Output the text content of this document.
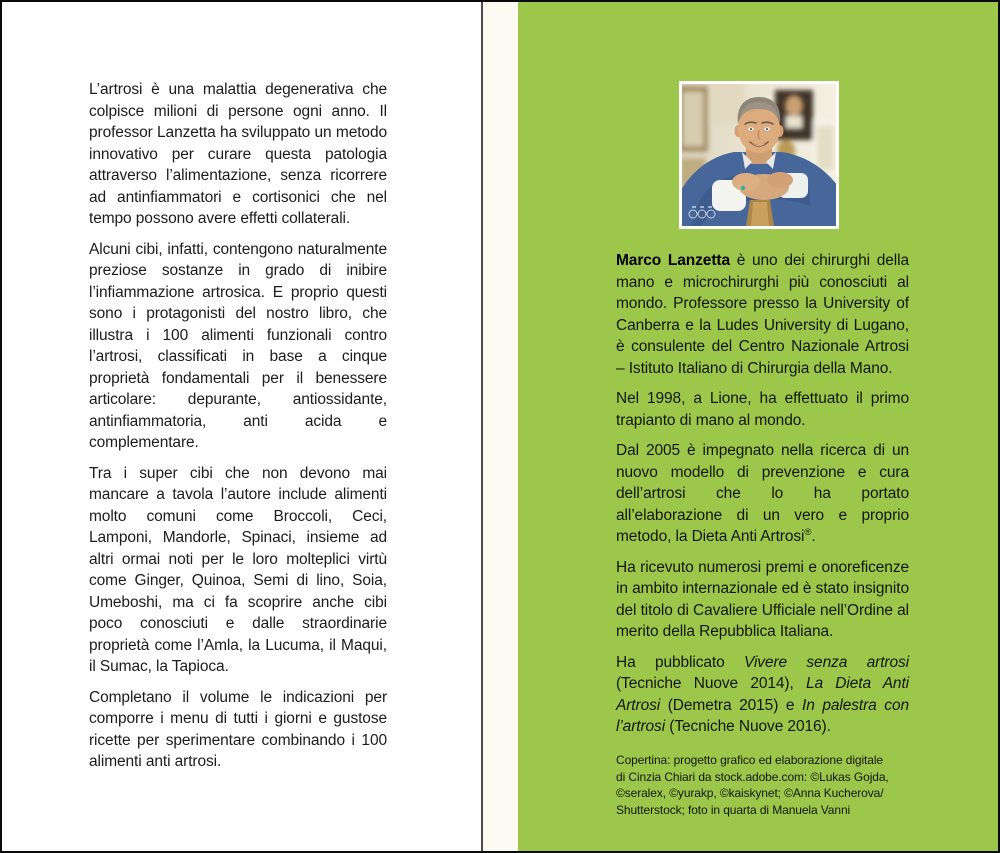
L’artrosi è una malattia degenerativa che colpisce milioni di persone ogni anno. Il professor Lanzetta ha sviluppato un metodo innovativo per curare questa patologia attraverso l’alimentazione, senza ricorrere ad antinfiammatori e cortisonici che nel tempo possono avere effetti collaterali.

Alcuni cibi, infatti, contengono naturalmente preziose sostanze in grado di inibire l’infiammazione artrosica. E proprio questi sono i protagonisti del nostro libro, che illustra i 100 alimenti funzionali contro l’artrosi, classificati in base a cinque proprietà fondamentali per il benessere articolare: depurante, antiossidante, antinfiammatoria, anti acida e complementare.

Tra i super cibi che non devono mai mancare a tavola l’autore include alimenti molto comuni come Broccoli, Ceci, Lamponi, Mandorle, Spinaci, insieme ad altri ormai noti per le loro molteplici virtù come Ginger, Quinoa, Semi di lino, Soia, Umeboshi, ma ci fa scoprire anche cibi poco conosciuti e dalle straordinarie proprietà come l’Amla, la Lucuma, il Maqui, il Sumac, la Tapioca.

Completano il volume le indicazioni per comporre i menu di tutti i giorni e gustose ricette per sperimentare combinando i 100 alimenti anti artrosi.

Marco Lanzetta è uno dei chirurghi della mano e microchirurghi più conosciuti al mondo. Professore presso la University of Canberra e la Ludes University di Lugano, è consulente del Centro Nazionale Artrosi – Istituto Italiano di Chirurgia della Mano.

Nel 1998, a Lione, ha effettuato il primo trapianto di mano al mondo.

Dal 2005 è impegnato nella ricerca di un nuovo modello di prevenzione e cura dell’artrosi che lo ha portato all’elaborazione di un vero e proprio metodo, la Dieta Anti Artrosi®.

Ha ricevuto numerosi premi e onoreficenze in ambito internazionale ed è stato insignito del titolo di Cavaliere Ufficiale nell’Ordine al merito della Repubblica Italiana.

Ha pubblicato Vivere senza artrosi (Tecniche Nuove 2014), La Dieta Anti Artrosi (Demetra 2015) e In palestra con l’artrosi (Tecniche Nuove 2016).

Copertina: progetto grafico ed elaborazione digitale
di Cinzia Chiari da stock.adobe.com: ©Lukas Gojda,
©seralex, ©yurakp, ©kaiskynet; ©Anna Kucherova/
Shutterstock; foto in quarta di Manuela Vanni
